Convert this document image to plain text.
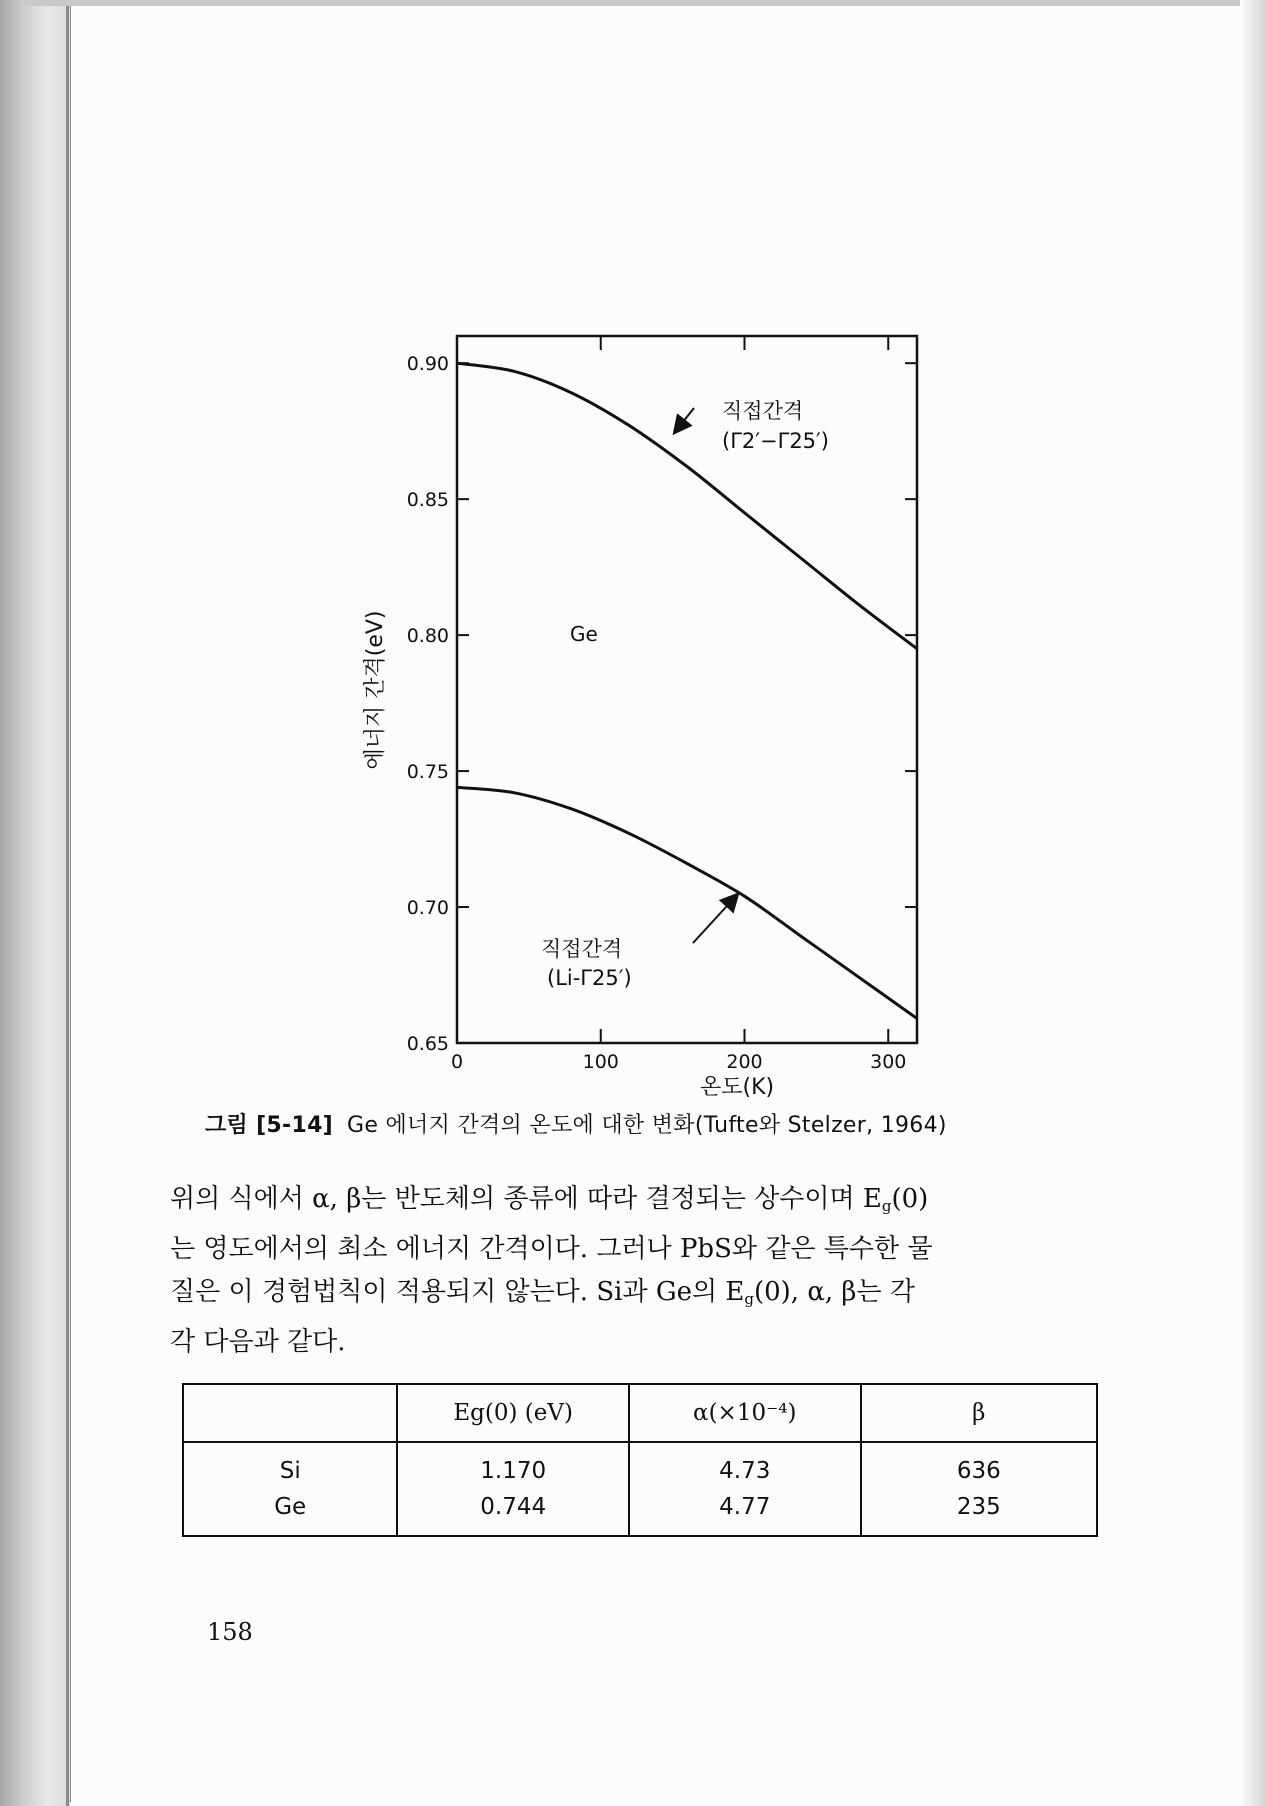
0.65
0.70
0.75
0.80
0.85
0.90
0	100	200	300
Ge
직접간격
(Γ2′−Γ25′)
직접간격
(Li-Γ25′)
온도(K)
에너지 간격(eV)
그림 [5-14] Ge 에너지 간격의 온도에 대한 변화(Tufte와 Stelzer, 1964)

위의 식에서 α, β는 반도체의 종류에 따라 결정되는 상수이며 $E_g(0)$

는 영도에서의 최소 에너지 간격이다. 그러나 PbS와 같은 특수한 물

질은 이 경험법칙이 적용되지 않는다. Si과 Ge의 $E_g(0)$, α, β는 각

각 다음과 같다.

	Eg(0) (eV)	α(×10⁻⁴)	β
Si	1.170	4.73	636
Ge	0.744	4.77	235
158
